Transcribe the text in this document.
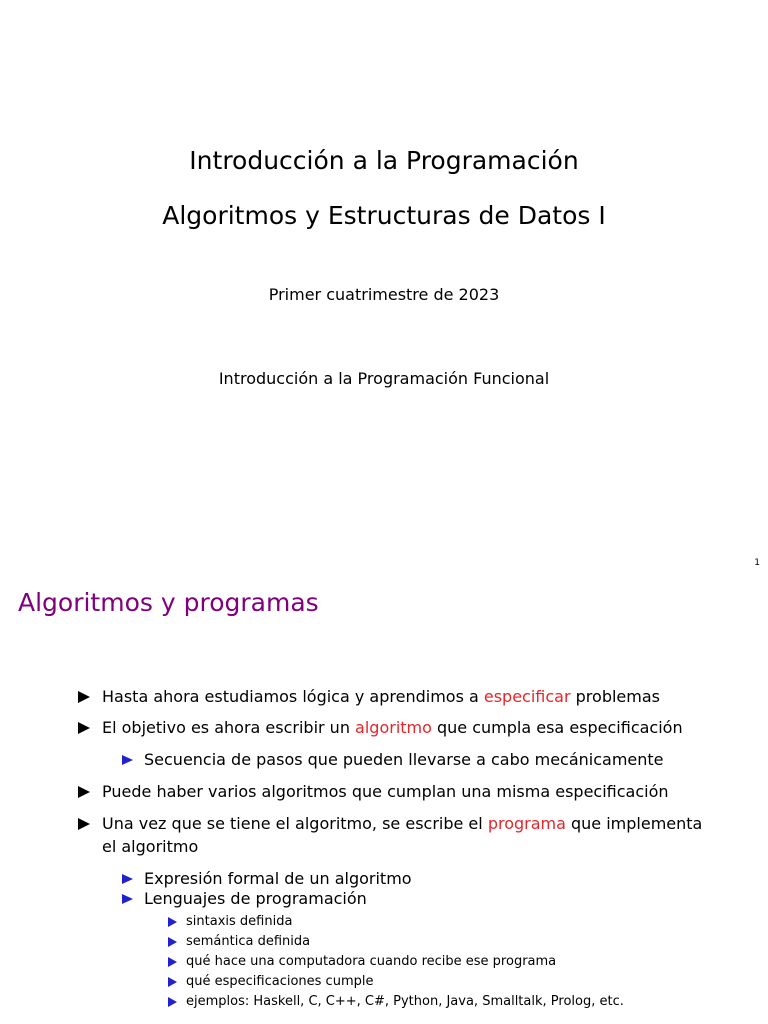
Introducción a la Programación
Algoritmos y Estructuras de Datos I
Primer cuatrimestre de 2023
Introducción a la Programación Funcional
1
Algoritmos y programas
Hasta ahora estudiamos lógica y aprendimos a especificar problemas
El objetivo es ahora escribir un algoritmo que cumpla esa especificación
Secuencia de pasos que pueden llevarse a cabo mecánicamente
Puede haber varios algoritmos que cumplan una misma especificación
Una vez que se tiene el algoritmo, se escribe el programa que implementa
el algoritmo
Expresión formal de un algoritmo
Lenguajes de programación
sintaxis definida
semántica definida
qué hace una computadora cuando recibe ese programa
qué especificaciones cumple
ejemplos: Haskell, C, C++, C#, Python, Java, Smalltalk, Prolog, etc.
